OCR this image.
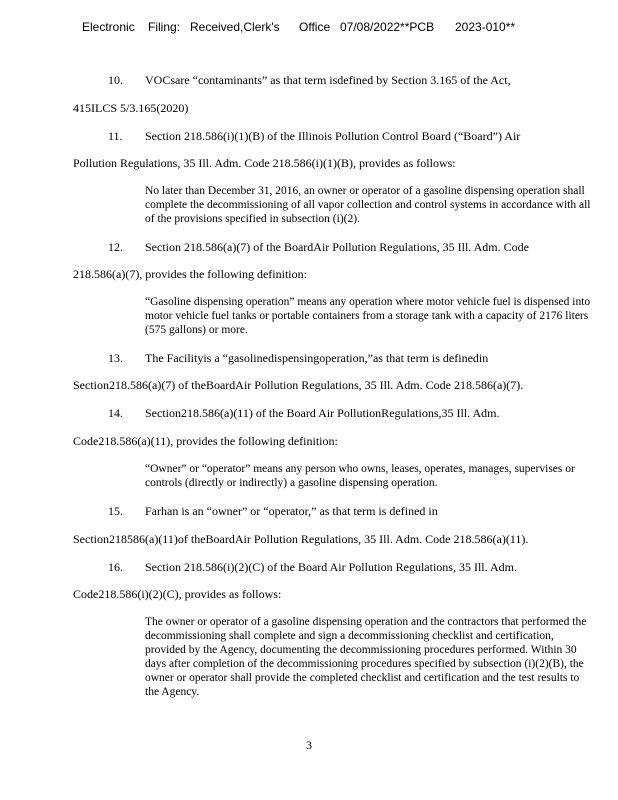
Electronic Filing: Received,Clerk's Office 07/08/2022**PCB 2023-010**
10. VOCsare “contaminants” as that term isdefined by Section 3.165 of the Act,
415ILCS 5/3.165(2020)
11. Section 218.586(i)(1)(B) of the Illinois Pollution Control Board (“Board”) Air
Pollution Regulations, 35 Ill. Adm. Code 218.586(i)(1)(B), provides as follows:
No later than December 31, 2016, an owner or operator of a gasoline dispensing operation shall complete the decommissioning of all vapor collection and control systems in accordance with all of the provisions specified in subsection (i)(2).
12. Section 218.586(a)(7) of the BoardAir Pollution Regulations, 35 Ill. Adm. Code
218.586(a)(7), provides the following definition:
“Gasoline dispensing operation” means any operation where motor vehicle fuel is dispensed into motor vehicle fuel tanks or portable containers from a storage tank with a capacity of 2176 liters (575 gallons) or more.
13. The Facilityis a “gasolinedispensingoperation,”as that term is definedin
Section218.586(a)(7) of theBoardAir Pollution Regulations, 35 Ill. Adm. Code 218.586(a)(7).
14. Section218.586(a)(11) of the Board Air PollutionRegulations,35 Ill. Adm.
Code218.586(a)(11), provides the following definition:
“Owner” or “operator” means any person who owns, leases, operates, manages, supervises or controls (directly or indirectly) a gasoline dispensing operation.
15. Farhan is an “owner” or “operator,” as that term is defined in
Section218586(a)(11)of theBoardAir Pollution Regulations, 35 Ill. Adm. Code 218.586(a)(11).
16. Section 218.586(i)(2)(C) of the Board Air Pollution Regulations, 35 Ill. Adm.
Code218.586(i)(2)(C), provides as follows:
The owner or operator of a gasoline dispensing operation and the contractors that performed the decommissioning shall complete and sign a decommissioning checklist and certification, provided by the Agency, documenting the decommissioning procedures performed. Within 30 days after completion of the decommissioning procedures specified by subsection (i)(2)(B), the owner or operator shall provide the completed checklist and certification and the test results to the Agency.
3
